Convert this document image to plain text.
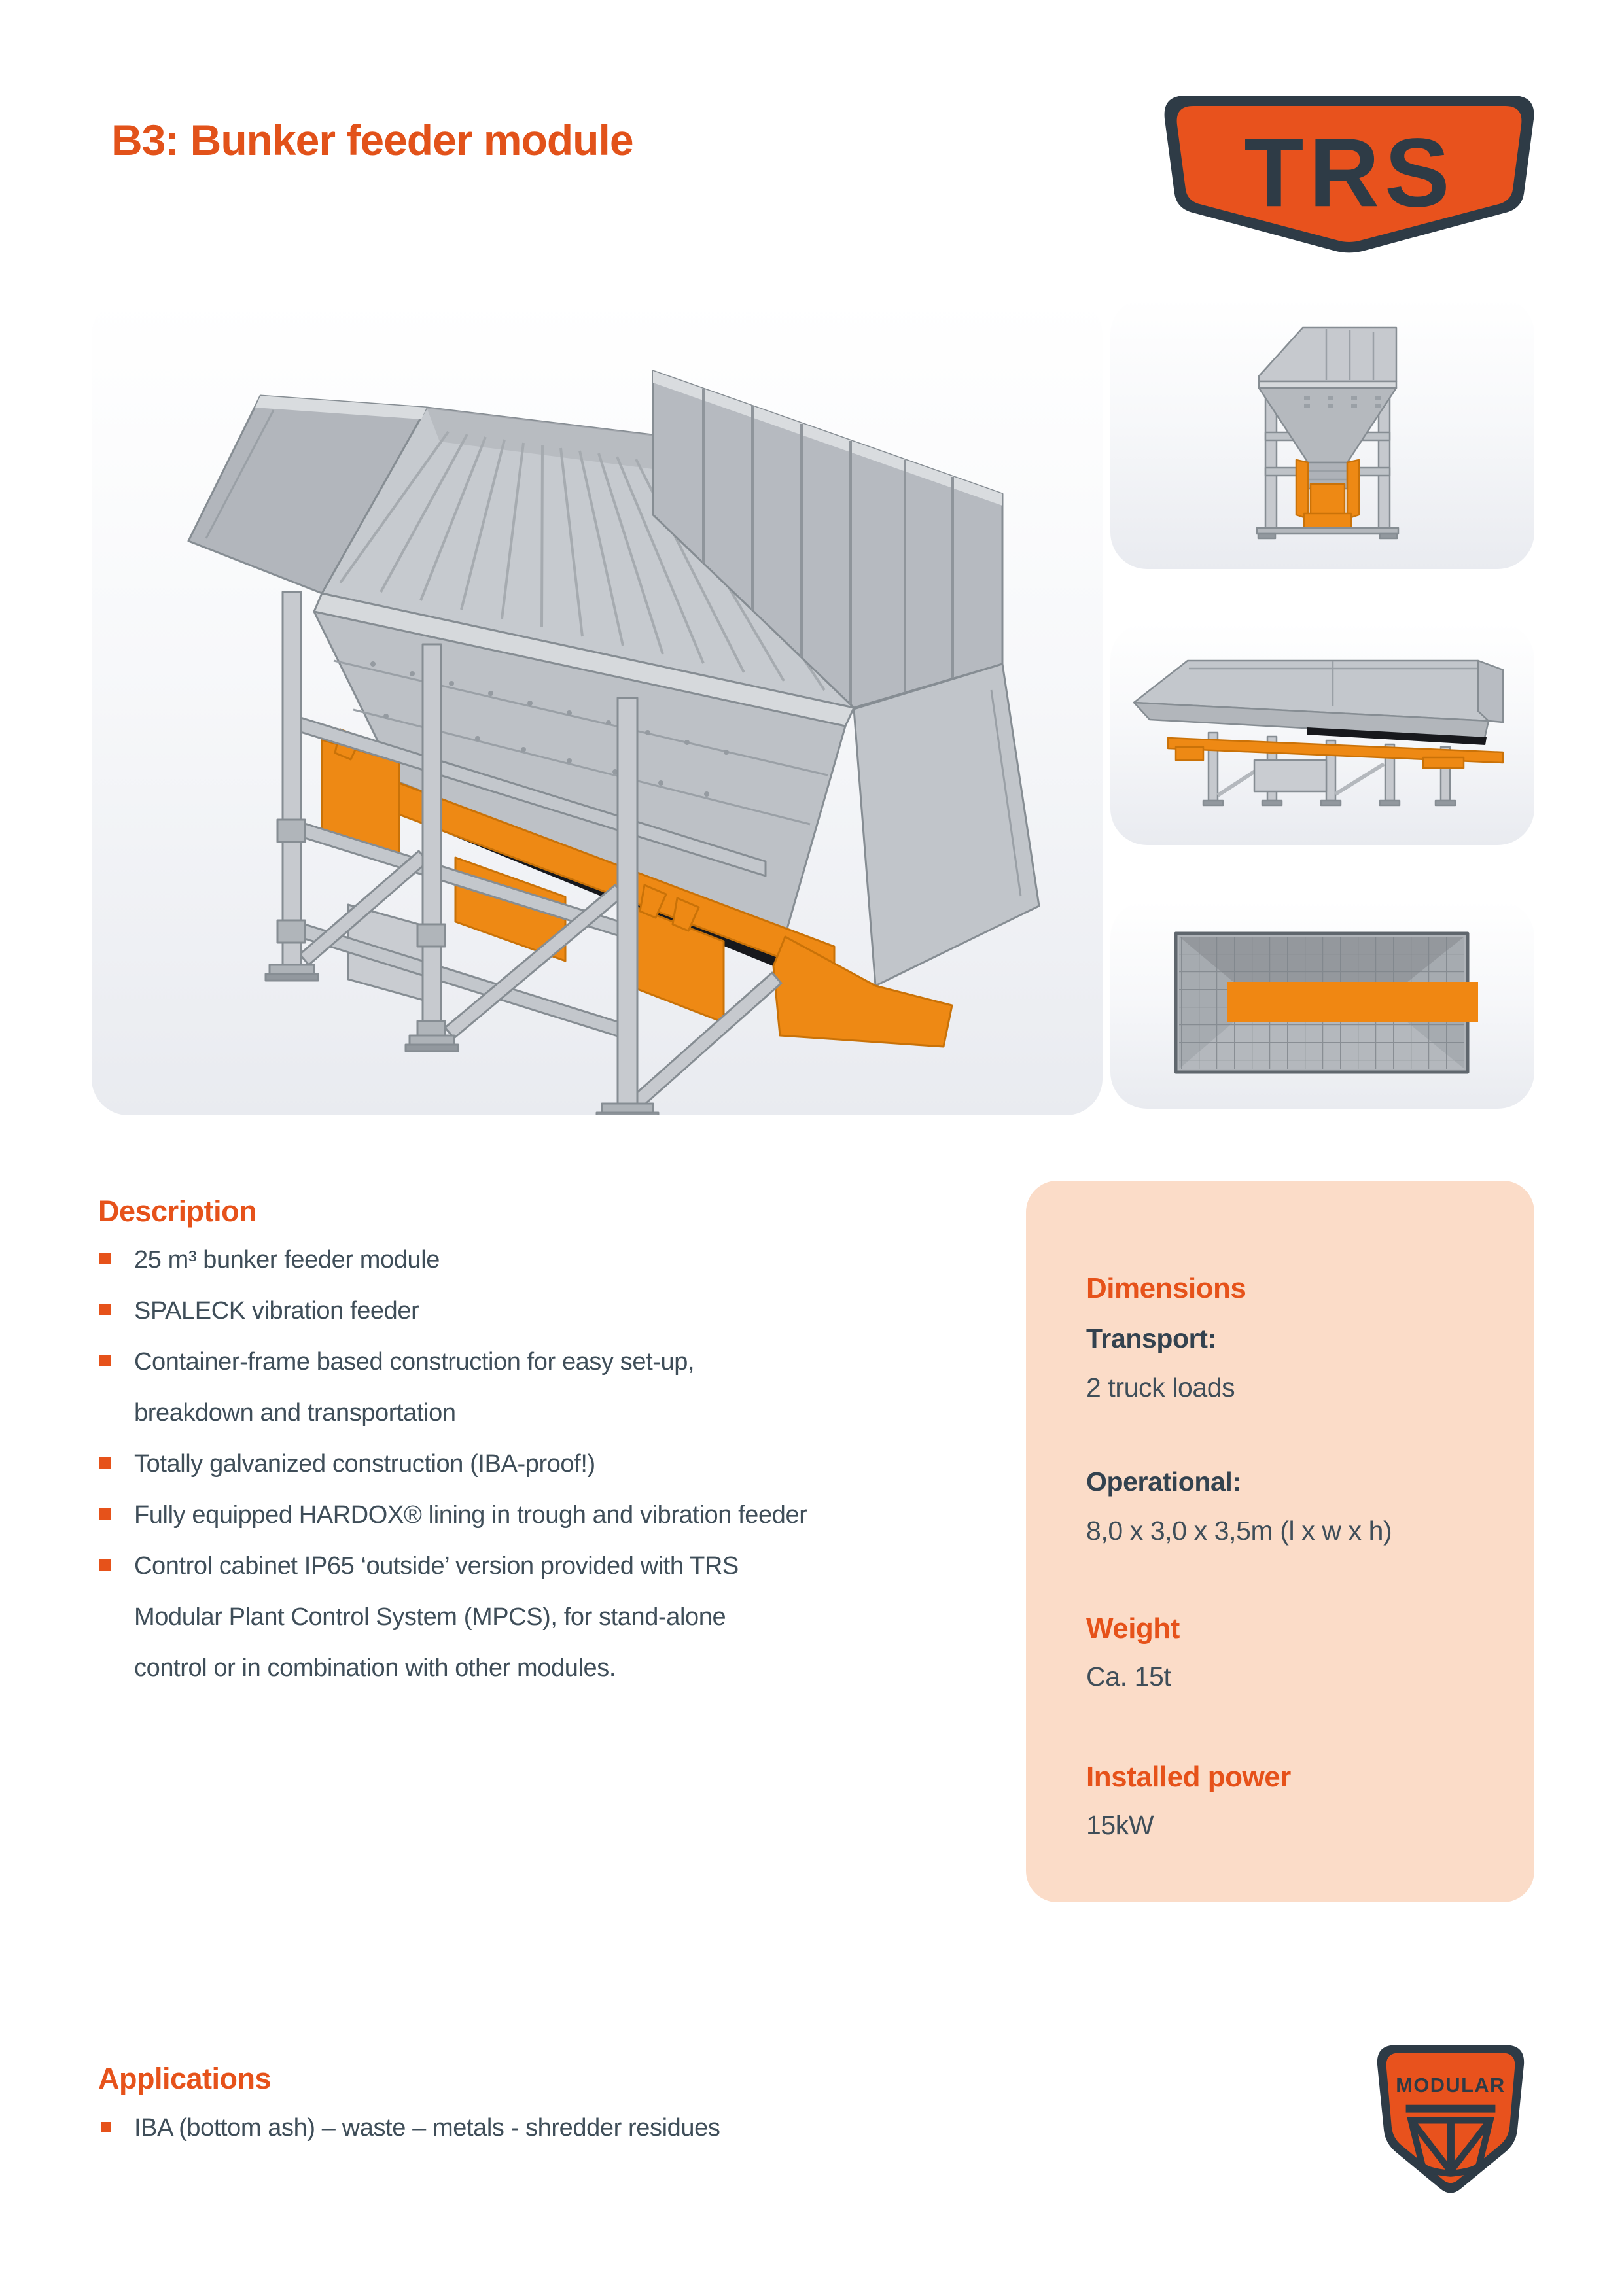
B3: Bunker feeder module	TRS
Description
25 m³ bunker feeder module
SPALECK vibration feeder
Container-frame based construction for easy set-up,
breakdown and transportation
Totally galvanized construction (IBA-proof!)
Fully equipped HARDOX® lining in trough and vibration feeder
Control cabinet IP65 ‘outside’ version provided with TRS
Modular Plant Control System (MPCS), for stand-alone
control or in combination with other modules.
Dimensions
Transport:
2 truck loads
Operational:
8,0 x 3,0 x 3,5m (l x w x h)
Weight
Ca. 15t
Installed power
15kW
Applications
IBA (bottom ash) – waste – metals - shredder residues
MODULAR
